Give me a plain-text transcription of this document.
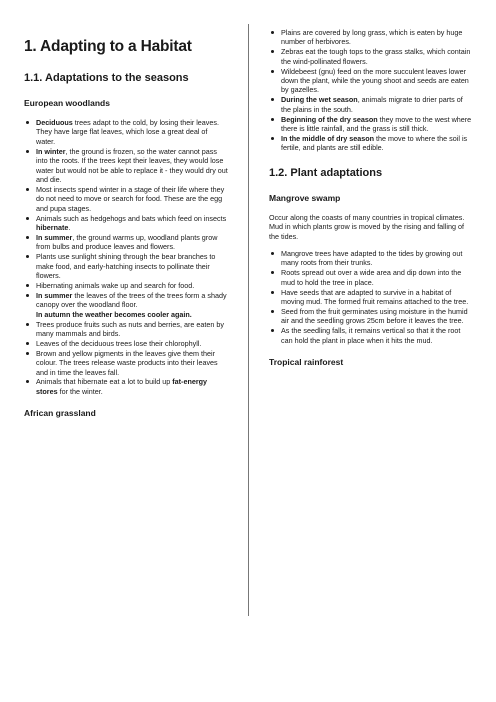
1. Adapting to a Habitat
1.1. Adaptations to the seasons
European woodlands
Deciduous trees adapt to the cold, by losing their leaves. They have large flat leaves, which lose a great deal of water.
In winter, the ground is frozen, so the water cannot pass into the roots. If the trees kept their leaves, they would lose water but would not be able to replace it - they would dry out and die.
Most insects spend winter in a stage of their life where they do not need to move or search for food. These are the egg and pupa stages.
Animals such as hedgehogs and bats which feed on insects hibernate.
In summer, the ground warms up, woodland plants grow from bulbs and produce leaves and flowers.
Plants use sunlight shining through the bear branches to make food, and early-hatching insects to pollinate their flowers.
Hibernating animals wake up and search for food.
In summer the leaves of the trees of the trees form a shady canopy over the woodland floor.
In autumn the weather becomes cooler again.
Trees produce fruits such as nuts and berries, are eaten by many mammals and birds.
Leaves of the deciduous trees lose their chlorophyll.
Brown and yellow pigments in the leaves give them their colour. The trees release waste products into their leaves and in time the leaves fall.
Animals that hibernate eat a lot to build up fat-energy stores for the winter.
African grassland
Plains are covered by long grass, which is eaten by huge number of herbivores.
Zebras eat the tough tops to the grass stalks, which contain the wind-pollinated flowers.
Wildebeest (gnu) feed on the more succulent leaves lower down the plant, while the young shoot and seeds are eaten by gazelles.
During the wet season, animals migrate to drier parts of the plains in the south.
Beginning of the dry season they move to the west where there is little rainfall, and the grass is still thick.
In the middle of dry season the move to where the soil is fertile, and plants are still edible.
1.2. Plant adaptations
Mangrove swamp

Occur along the coasts of many countries in tropical climates. Mud in which plants grow is moved by the rising and falling of the tides.

Mangrove trees have adapted to the tides by growing out many roots from their trunks.
Roots spread out over a wide area and dip down into the mud to hold the tree in place.
Have seeds that are adapted to survive in a habitat of moving mud. The formed fruit remains attached to the tree.
Seed from the fruit germinates using moisture in the humid air and the seedling grows 25cm before it leaves the tree.
As the seedling falls, it remains vertical so that it the root can hold the plant in place when it hits the mud.
Tropical rainforest
